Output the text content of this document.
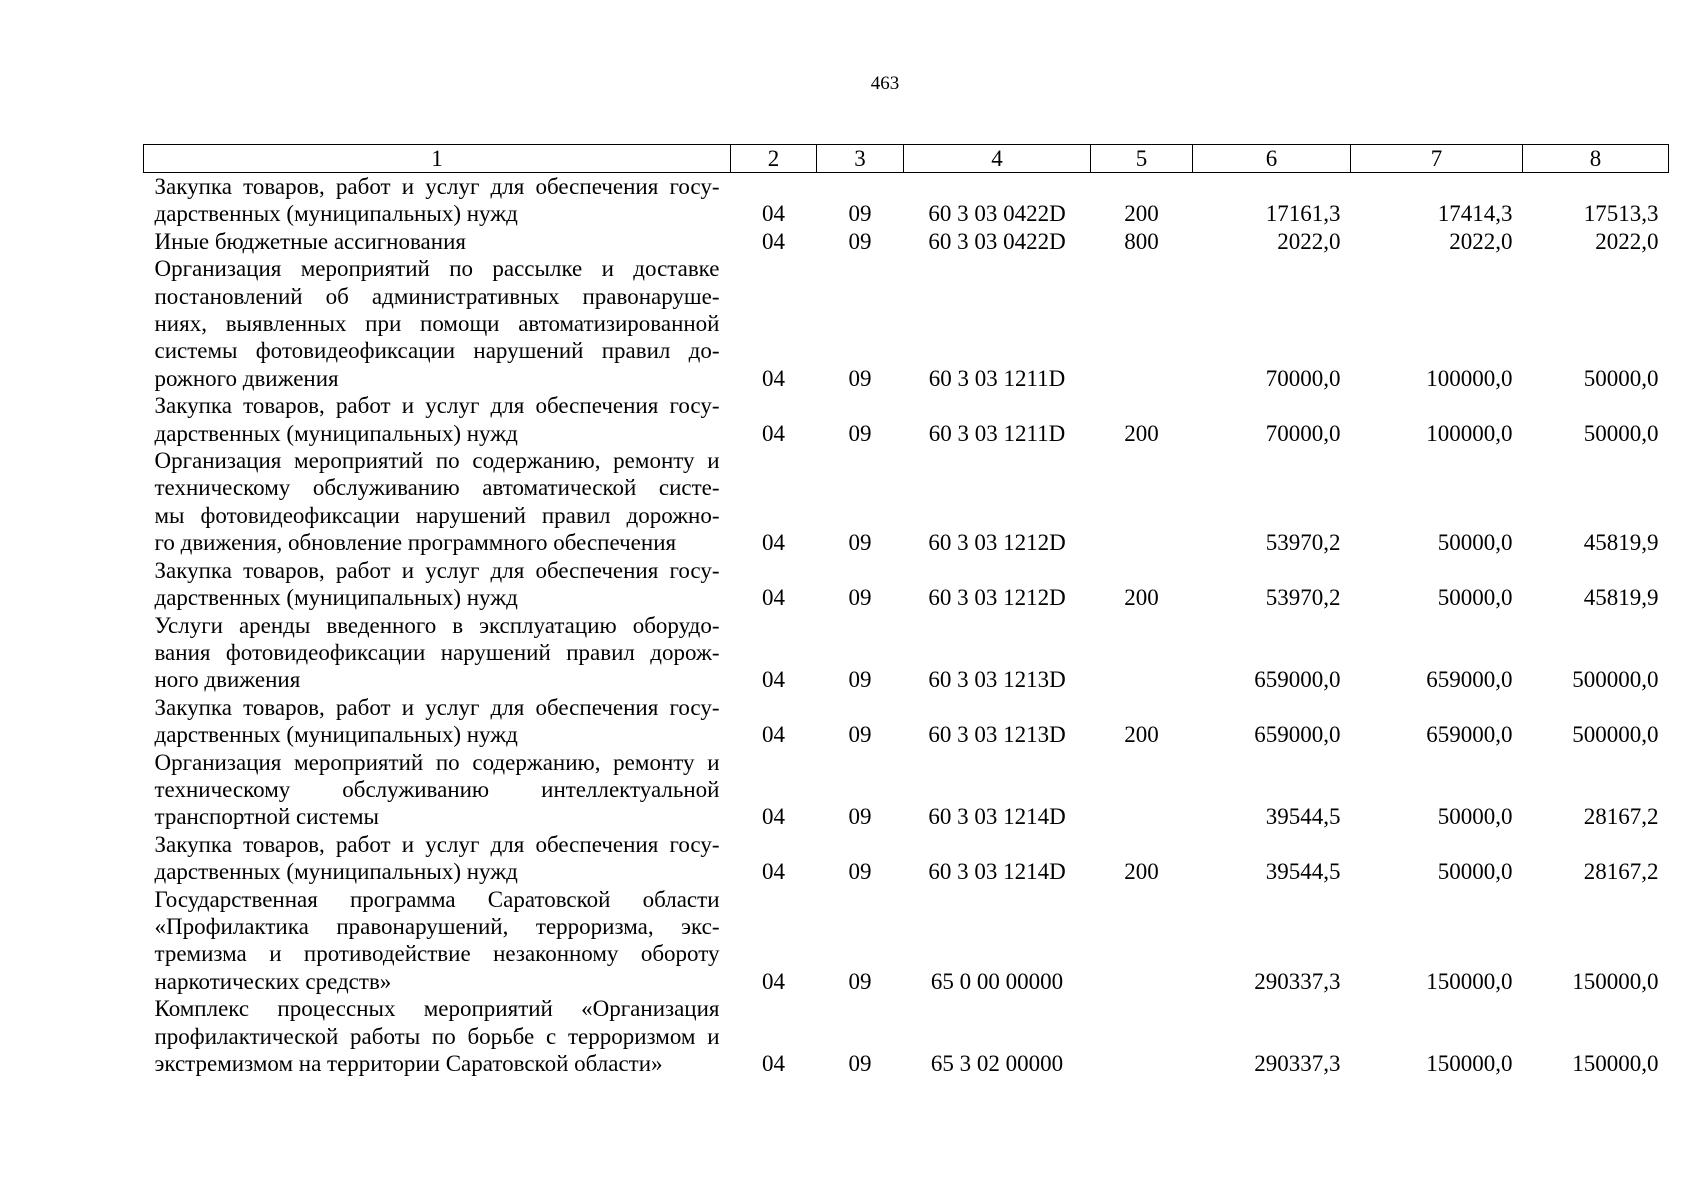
463
1	2	3	4	5	6	7	8

Закупка товаров, работ и услуг для обеспечения госу-
дарственных (муниципальных) нужд	04	09	60 3 03 0422D	200	17161,3	17414,3	17513,3

Иные бюджетные ассигнования	04	09	60 3 03 0422D	800	2022,0	2022,0	2022,0

Организация мероприятий по рассылке и доставке
постановлений об административных правонаруше-
ниях, выявленных при помощи автоматизированной
системы фотовидеофиксации нарушений правил до-
рожного движения	04	09	60 3 03 1211D		70000,0	100000,0	50000,0

Закупка товаров, работ и услуг для обеспечения госу-
дарственных (муниципальных) нужд	04	09	60 3 03 1211D	200	70000,0	100000,0	50000,0

Организация мероприятий по содержанию, ремонту и
техническому обслуживанию автоматической систе-
мы фотовидеофиксации нарушений правил дорожно-
го движения, обновление программного обеспечения	04	09	60 3 03 1212D		53970,2	50000,0	45819,9

Закупка товаров, работ и услуг для обеспечения госу-
дарственных (муниципальных) нужд	04	09	60 3 03 1212D	200	53970,2	50000,0	45819,9

Услуги аренды введенного в эксплуатацию оборудо-
вания фотовидеофиксации нарушений правил дорож-
ного движения	04	09	60 3 03 1213D		659000,0	659000,0	500000,0

Закупка товаров, работ и услуг для обеспечения госу-
дарственных (муниципальных) нужд	04	09	60 3 03 1213D	200	659000,0	659000,0	500000,0

Организация мероприятий по содержанию, ремонту и
техническому обслуживанию интеллектуальной
транспортной системы	04	09	60 3 03 1214D		39544,5	50000,0	28167,2

Закупка товаров, работ и услуг для обеспечения госу-
дарственных (муниципальных) нужд	04	09	60 3 03 1214D	200	39544,5	50000,0	28167,2

Государственная программа Саратовской области
«Профилактика правонарушений, терроризма, экс-
тремизма и противодействие незаконному обороту
наркотических средств»	04	09	65 0 00 00000		290337,3	150000,0	150000,0

Комплекс процессных мероприятий «Организация
профилактической работы по борьбе с терроризмом и
экстремизмом на территории Саратовской области»	04	09	65 3 02 00000		290337,3	150000,0	150000,0
